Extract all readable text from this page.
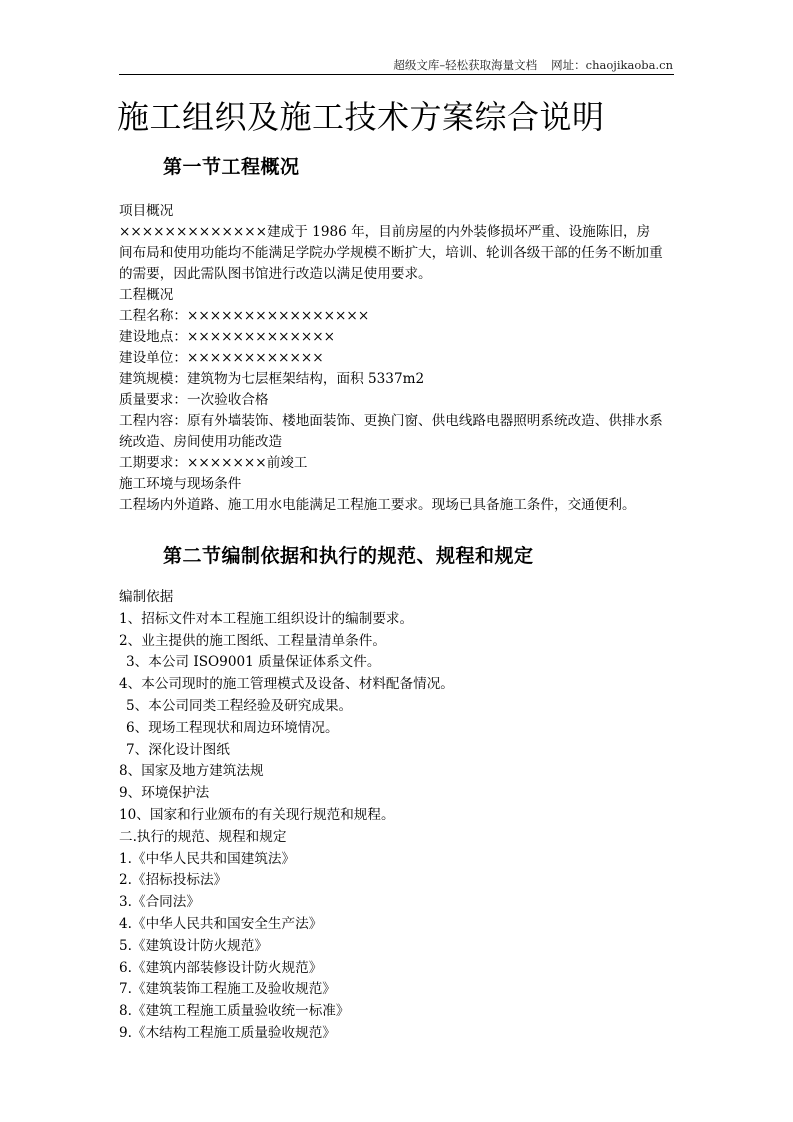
超级文库–轻松获取海量文档 网址：chaojikaoba.cn
施工组织及施工技术方案综合说明
第一节工程概况
项目概况
×××××××××××××建成于 1986 年，目前房屋的内外装修损坏严重、设施陈旧，房
间布局和使用功能均不能满足学院办学规模不断扩大，培训、轮训各级干部的任务不断加重
的需要，因此需队图书馆进行改造以满足使用要求。
工程概况
工程名称：××××××××××××××××
建设地点：×××××××××××××
建设单位：××××××××××××
建筑规模：建筑物为七层框架结构，面积 5337m2
质量要求：一次验收合格
工程内容：原有外墙装饰、楼地面装饰、更换门窗、供电线路电器照明系统改造、供排水系
统改造、房间使用功能改造
工期要求：×××××××前竣工
施工环境与现场条件
工程场内外道路、施工用水电能满足工程施工要求。现场已具备施工条件，交通便利。
第二节编制依据和执行的规范、规程和规定
编制依据
1、招标文件对本工程施工组织设计的编制要求。
2、业主提供的施工图纸、工程量清单条件。
3、本公司 ISO9001 质量保证体系文件。
4、本公司现时的施工管理模式及设备、材料配备情况。
5、本公司同类工程经验及研究成果。
6、现场工程现状和周边环境情况。
7、深化设计图纸
8、国家及地方建筑法规
9、环境保护法
10、国家和行业颁布的有关现行规范和规程。
二.执行的规范、规程和规定
1.《中华人民共和国建筑法》
2.《招标投标法》
3.《合同法》
4.《中华人民共和国安全生产法》
5.《建筑设计防火规范》
6.《建筑内部装修设计防火规范》
7.《建筑装饰工程施工及验收规范》
8.《建筑工程施工质量验收统一标准》
9.《木结构工程施工质量验收规范》
